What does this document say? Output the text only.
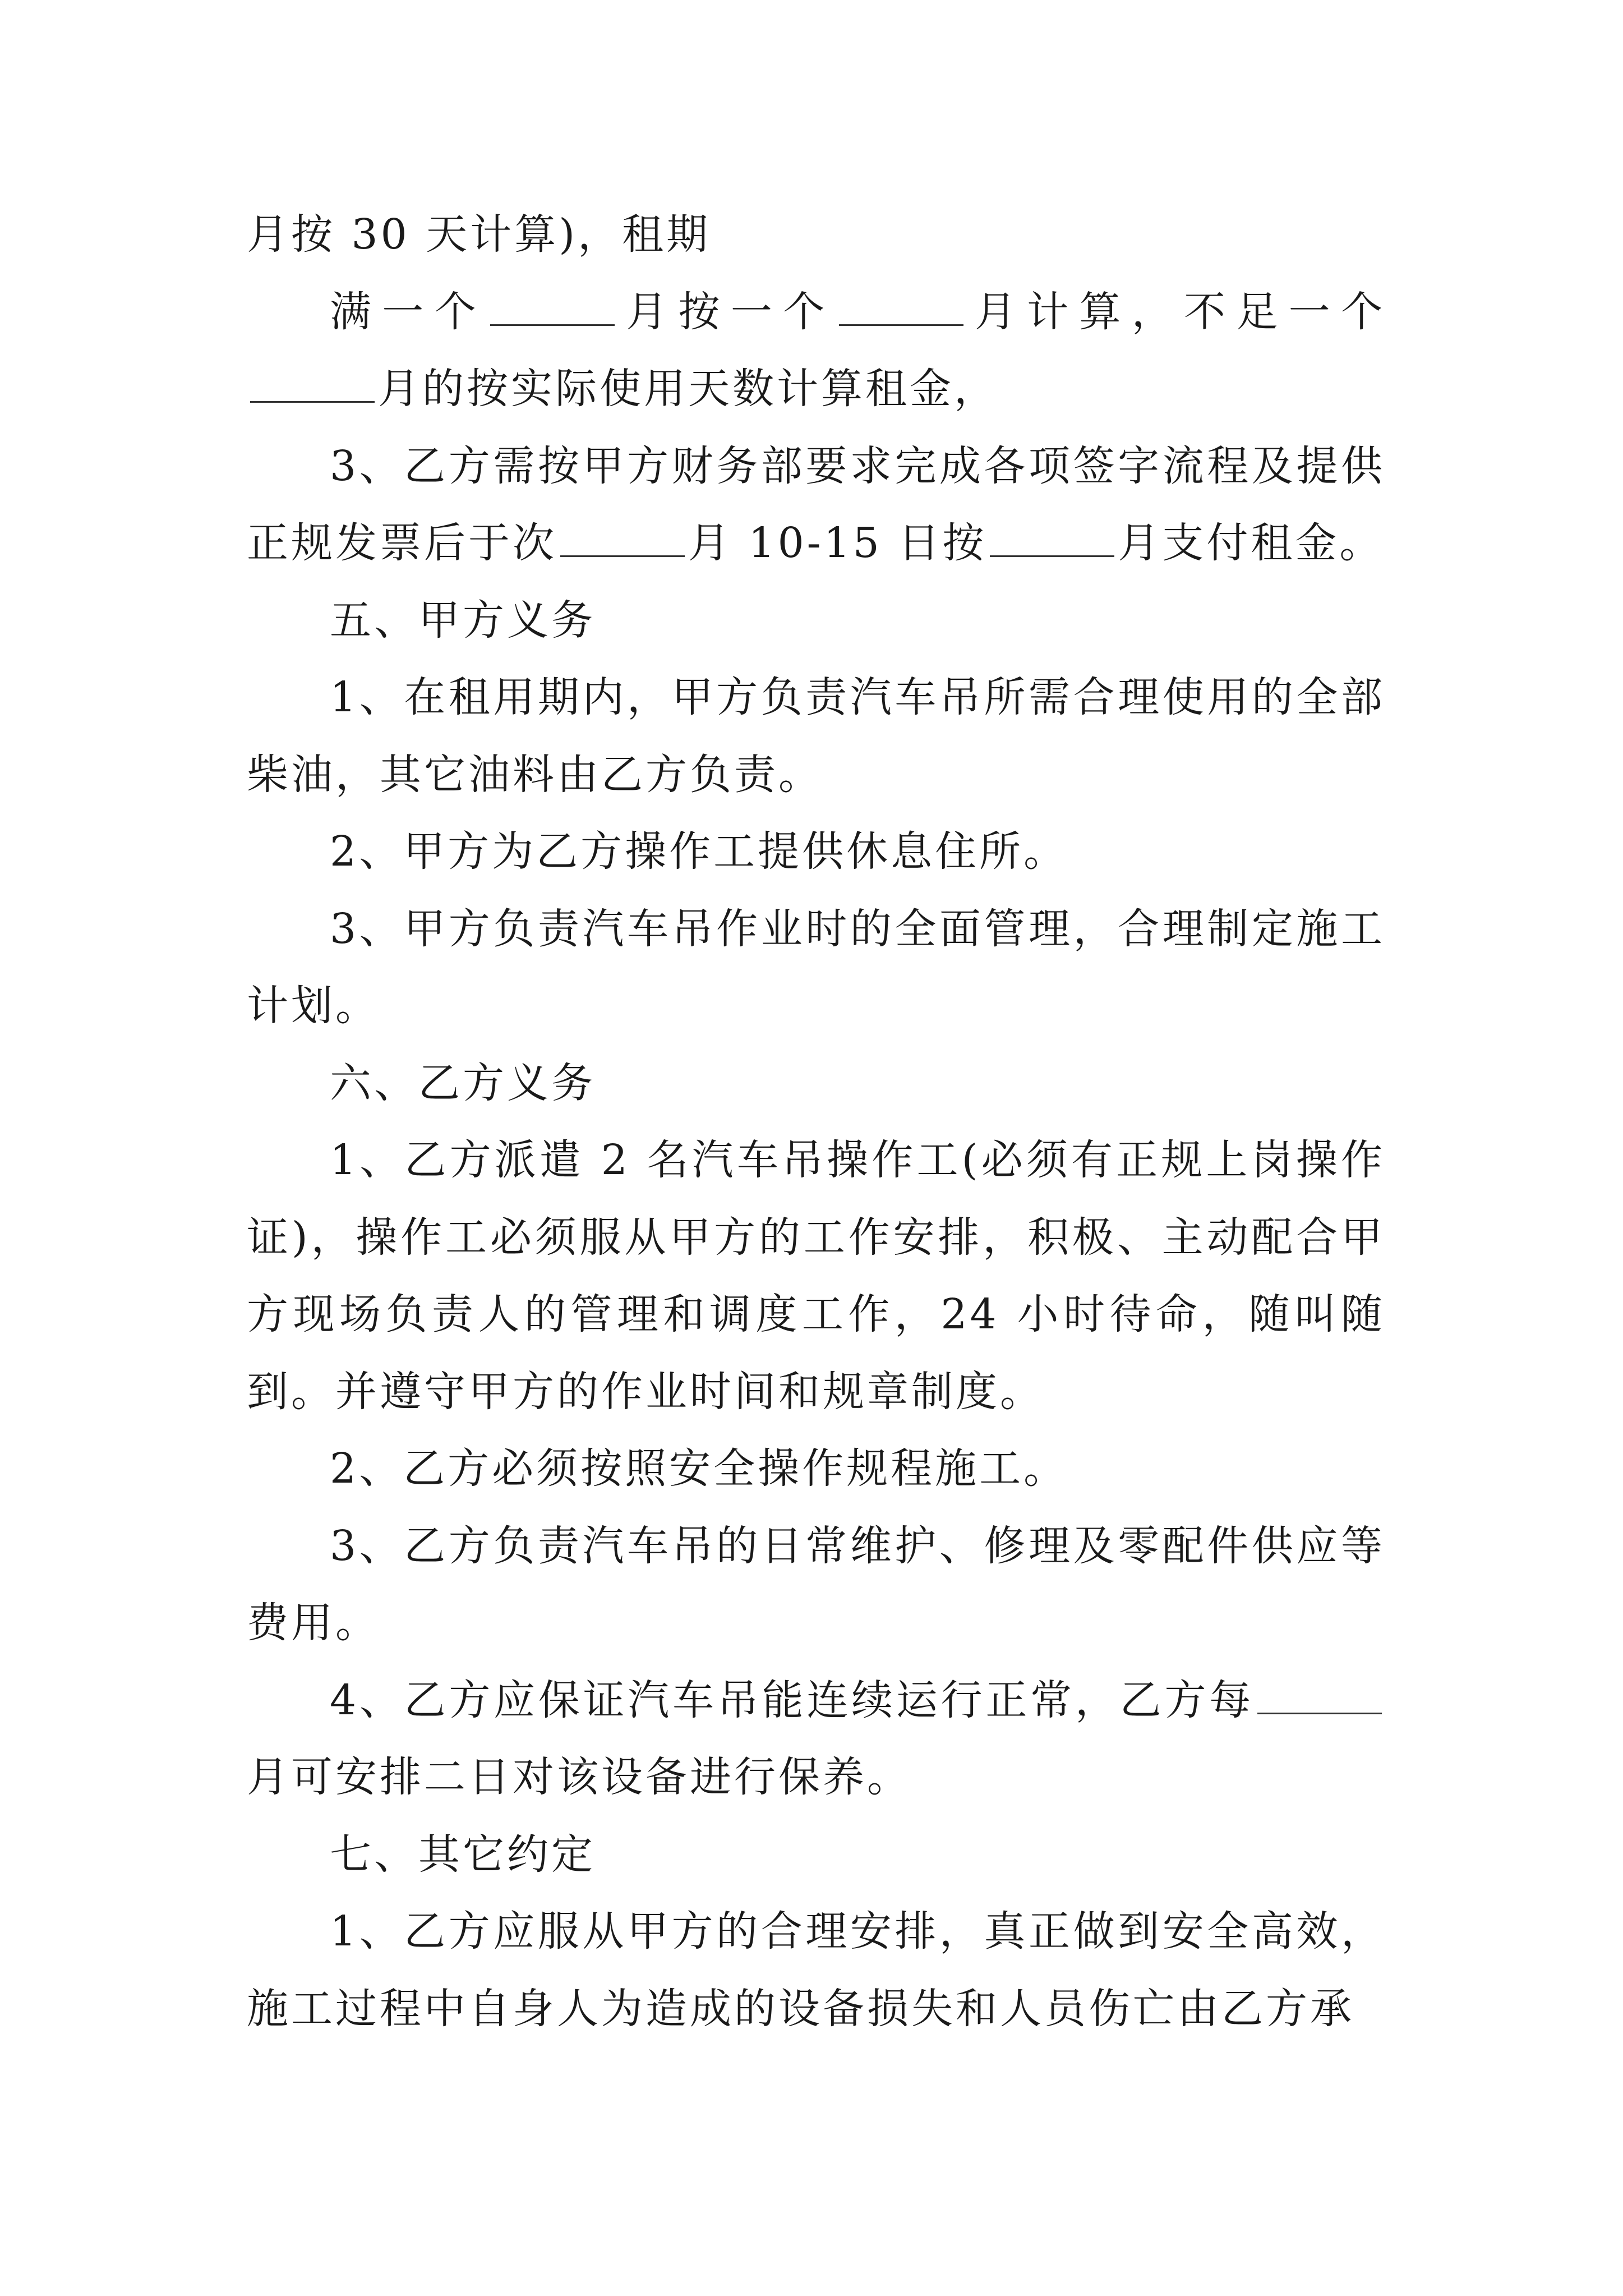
月按 30 天计算)，租期

满一个	月按一个	月计算，不足一个月的按实际使用天数计算租金，

3、乙方需按甲方财务部要求完成各项签字流程及提供正规发票后于次	月 10-15 日按	月支付租金。

五、甲方义务

1、在租用期内，甲方负责汽车吊所需合理使用的全部柴油，其它油料由乙方负责。

2、甲方为乙方操作工提供休息住所。

3、甲方负责汽车吊作业时的全面管理，合理制定施工计划。

六、乙方义务

1、乙方派遣 2 名汽车吊操作工(必须有正规上岗操作证)，操作工必须服从甲方的工作安排，积极、主动配合甲方现场负责人的管理和调度工作，24 小时待命，随叫随到。并遵守甲方的作业时间和规章制度。

2、乙方必须按照安全操作规程施工。

3、乙方负责汽车吊的日常维护、修理及零配件供应等费用。

4、乙方应保证汽车吊能连续运行正常，乙方每月可安排二日对该设备进行保养。

七、其它约定

1、乙方应服从甲方的合理安排，真正做到安全高效，施工过程中自身人为造成的设备损失和人员伤亡由乙方承
